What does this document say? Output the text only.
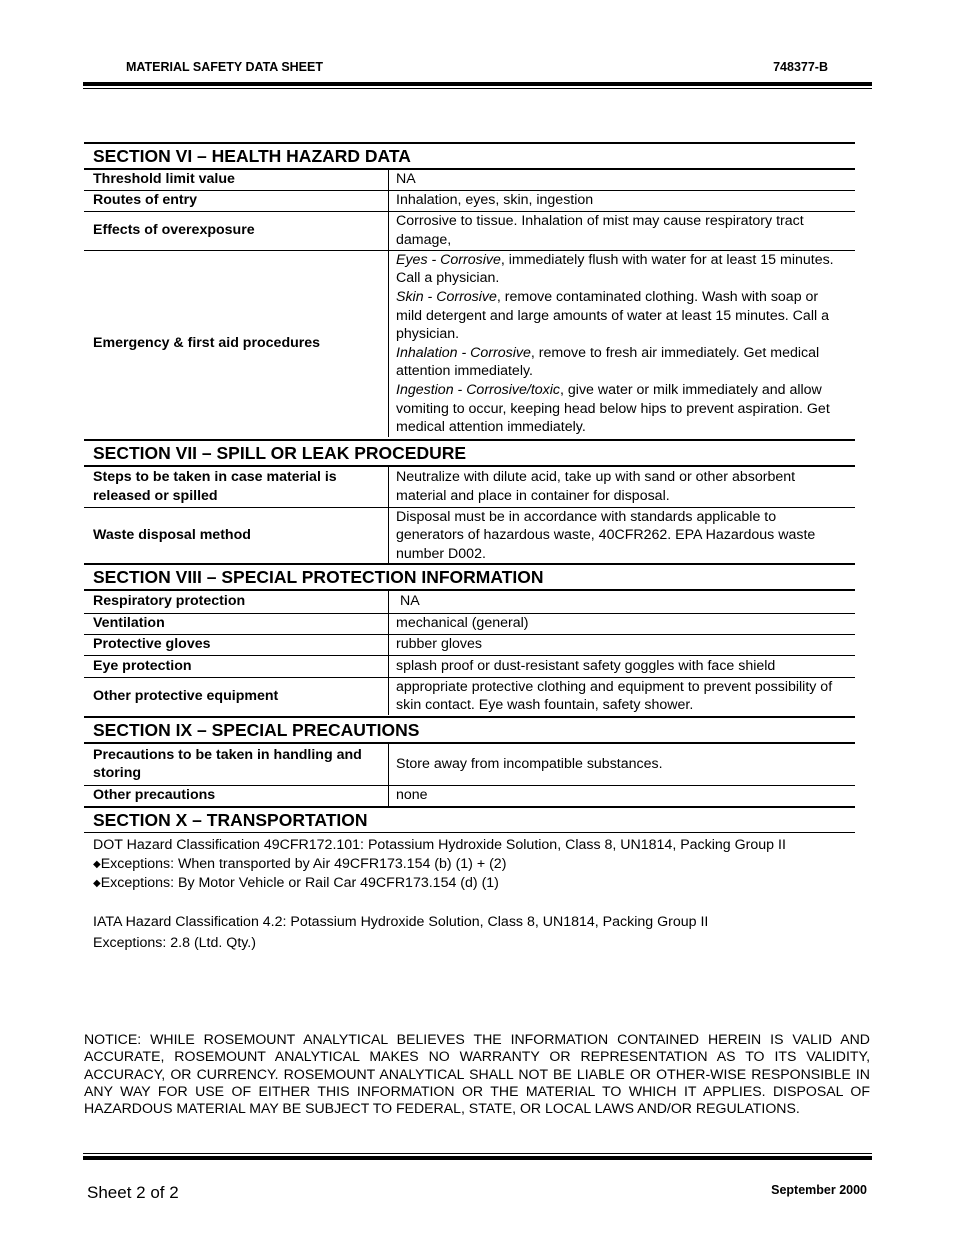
MATERIAL SAFETY DATA SHEET	748377-B
SECTION VI – HEALTH HAZARD DATA
Threshold limit value	NA
Routes of entry	Inhalation, eyes, skin, ingestion
Effects of overexposure	Corrosive to tissue. Inhalation of mist may cause respiratory tract damage,
Emergency & first aid procedures	Eyes - Corrosive, immediately flush with water for at least 15 minutes. Call a physician.
Skin - Corrosive, remove contaminated clothing. Wash with soap or mild detergent and large amounts of water at least 15 minutes. Call a physician.
Inhalation - Corrosive, remove to fresh air immediately. Get medical attention immediately.
Ingestion - Corrosive/toxic, give water or milk immediately and allow vomiting to occur, keeping head below hips to prevent aspiration. Get medical attention immediately.
SECTION VII – SPILL OR LEAK PROCEDURE
Steps to be taken in case material is released or spilled	Neutralize with dilute acid, take up with sand or other absorbent material and place in container for disposal.
Waste disposal method	Disposal must be in accordance with standards applicable to generators of hazardous waste, 40CFR262. EPA Hazardous waste number D002.
SECTION VIII – SPECIAL PROTECTION INFORMATION
Respiratory protection	NA
Ventilation	mechanical (general)
Protective gloves	rubber gloves
Eye protection	splash proof or dust-resistant safety goggles with face shield
Other protective equipment	appropriate protective clothing and equipment to prevent possibility of skin contact. Eye wash fountain, safety shower.
SECTION IX – SPECIAL PRECAUTIONS
Precautions to be taken in handling and storing	Store away from incompatible substances.
Other precautions	none
SECTION X – TRANSPORTATION
DOT Hazard Classification 49CFR172.101: Potassium Hydroxide Solution, Class 8, UN1814, Packing Group II
◆Exceptions: When transported by Air 49CFR173.154 (b) (1) + (2)
◆Exceptions: By Motor Vehicle or Rail Car 49CFR173.154 (d) (1)
IATA Hazard Classification 4.2: Potassium Hydroxide Solution, Class 8, UN1814, Packing Group II
Exceptions: 2.8 (Ltd. Qty.)
NOTICE: WHILE ROSEMOUNT ANALYTICAL BELIEVES THE INFORMATION CONTAINED HEREIN IS VALID AND ACCURATE, ROSEMOUNT ANALYTICAL MAKES NO WARRANTY OR REPRESENTATION AS TO ITS VALIDITY, ACCURACY, OR CURRENCY. ROSEMOUNT ANALYTICAL SHALL NOT BE LIABLE OR OTHER-WISE RESPONSIBLE IN ANY WAY FOR USE OF EITHER THIS INFORMATION OR THE MATERIAL TO WHICH IT APPLIES. DISPOSAL OF HAZARDOUS MATERIAL MAY BE SUBJECT TO FEDERAL, STATE, OR LOCAL LAWS AND/OR REGULATIONS.
Sheet 2 of 2	September 2000
